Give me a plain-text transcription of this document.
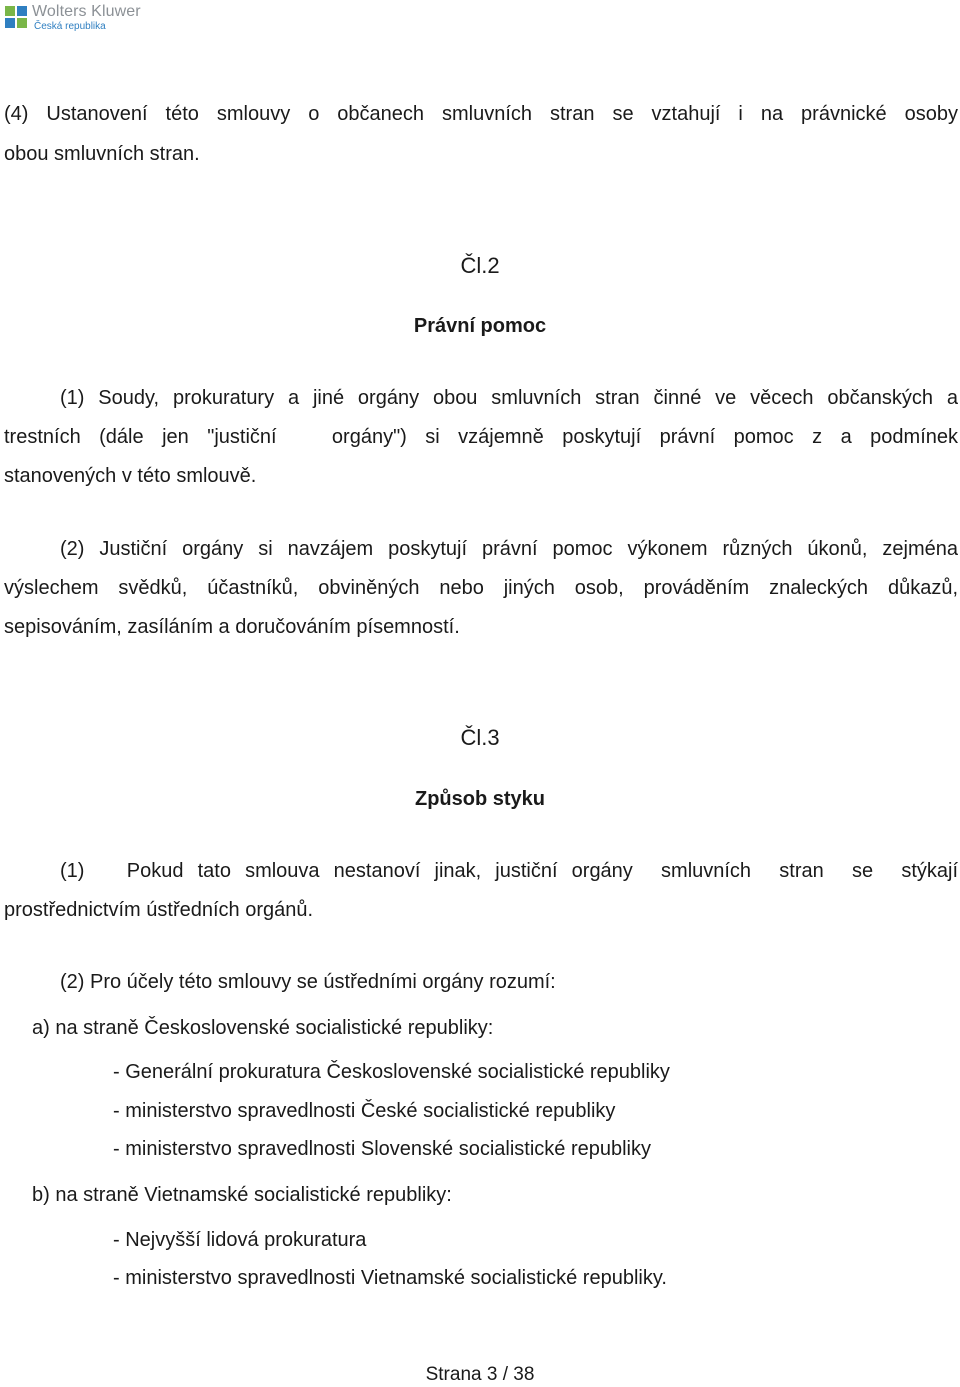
Wolters Kluwer
Česká republika
(4) Ustanovení této smlouvy o občanech smluvních stran se vztahují i na právnické osoby
obou smluvních stran.
Čl.2
Právní pomoc
(1) Soudy, prokuratury a jiné orgány obou smluvních stran činné ve věcech občanských a
trestních (dále jen "justiční   orgány") si vzájemně poskytují právní pomoc z a podmínek
stanovených v této smlouvě.
(2) Justiční orgány si navzájem poskytují právní pomoc výkonem různých úkonů, zejména
výslechem svědků, účastníků, obviněných nebo jiných osob, prováděním znaleckých důkazů,
sepisováním, zasíláním a doručováním písemností.
Čl.3
Způsob styku
(1)   Pokud tato smlouva nestanoví jinak, justiční orgány  smluvních  stran  se  stýkají
prostřednictvím ústředních orgánů.
(2) Pro účely této smlouvy se ústředními orgány rozumí:
a) na straně Československé socialistické republiky:
- Generální prokuratura Československé socialistické republiky
- ministerstvo spravedlnosti České socialistické republiky
- ministerstvo spravedlnosti Slovenské socialistické republiky
b) na straně Vietnamské socialistické republiky:
- Nejvyšší lidová prokuratura
- ministerstvo spravedlnosti Vietnamské socialistické republiky.
Strana 3 / 38
